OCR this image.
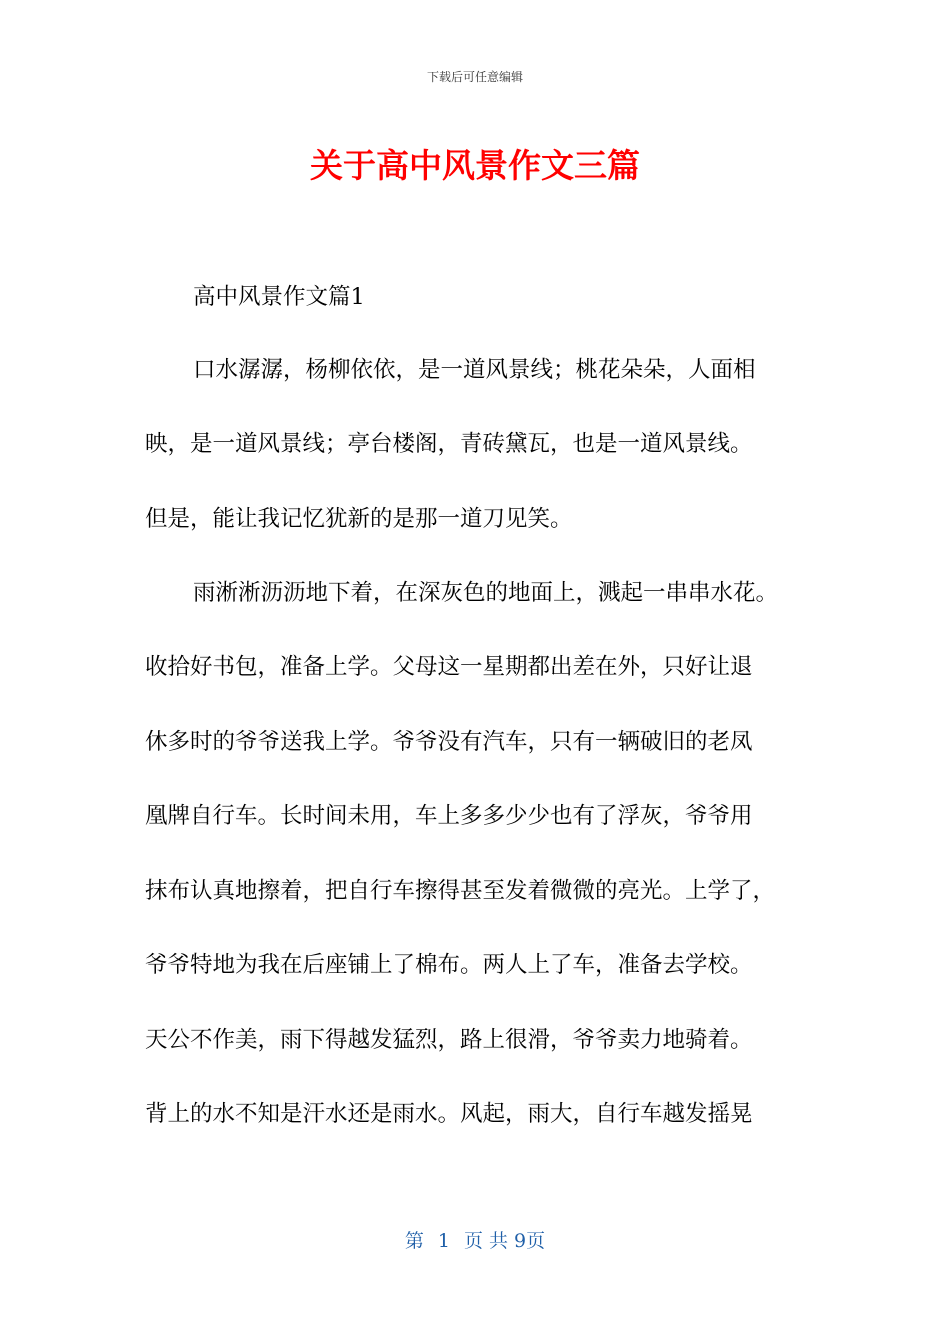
下载后可任意编辑
关于高中风景作文三篇
高中风景作文篇1
口水潺潺，杨柳依依，是一道风景线；桃花朵朵，人面相
映，是一道风景线；亭台楼阁，青砖黛瓦，也是一道风景线。
但是，能让我记忆犹新的是那一道刀见笑。
雨淅淅沥沥地下着，在深灰色的地面上，溅起一串串水花。
收拾好书包，准备上学。父母这一星期都出差在外，只好让退
休多时的爷爷送我上学。爷爷没有汽车，只有一辆破旧的老凤
凰牌自行车。长时间未用，车上多多少少也有了浮灰，爷爷用
抹布认真地擦着，把自行车擦得甚至发着微微的亮光。上学了，
爷爷特地为我在后座铺上了棉布。两人上了车，准备去学校。
天公不作美，雨下得越发猛烈，路上很滑，爷爷卖力地骑着。
背上的水不知是汗水还是雨水。风起，雨大，自行车越发摇晃
第 1 页 共 9页
